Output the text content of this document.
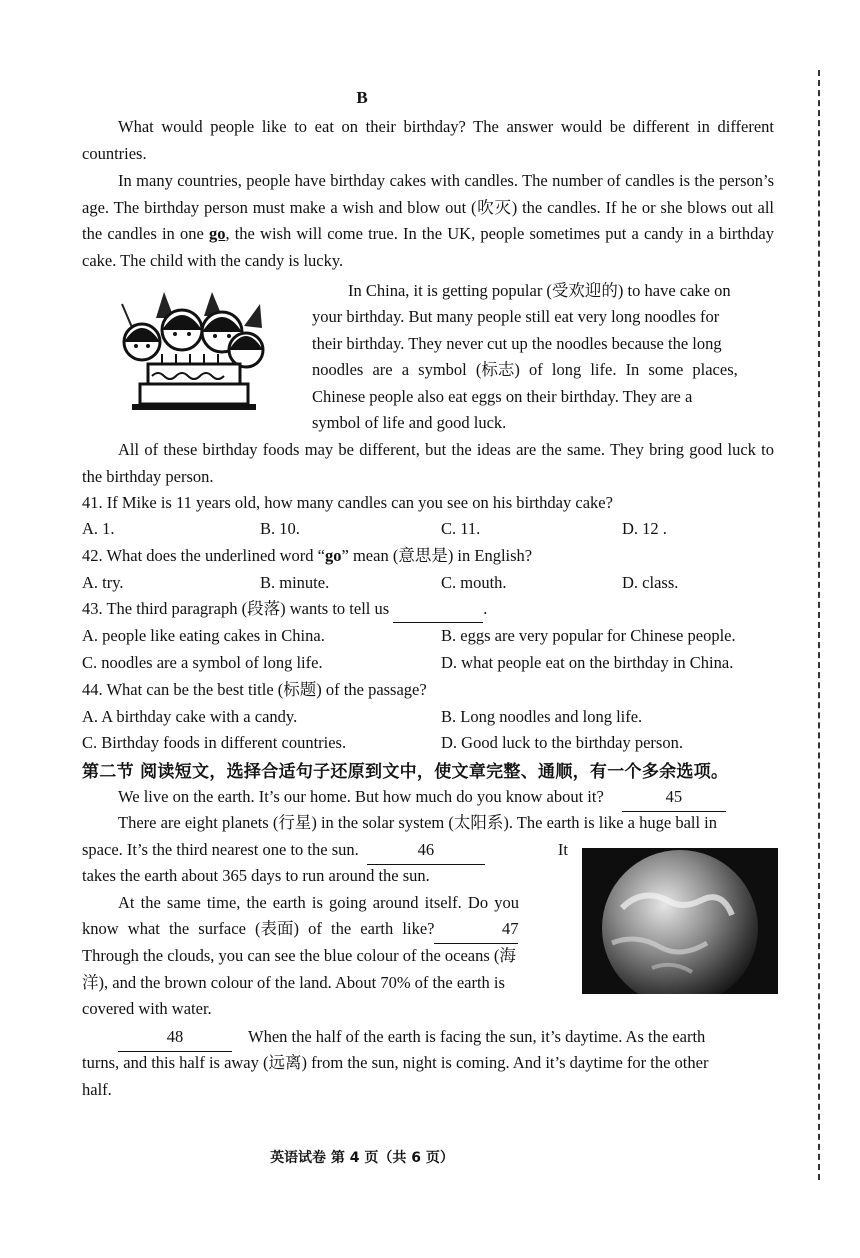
B

What would people like to eat on their birthday? The answer would be different in different countries.

In many countries, people have birthday cakes with candles. The number of candles is the person’s age. The birthday person must make a wish and blow out (吹灭) the candles. If he or she blows out all the candles in one go, the wish will come true. In the UK, people sometimes put a candy in a birthday cake. The child with the candy is lucky.

In China, it is getting popular (受欢迎的) to have cake on
your birthday. But many people still eat very long noodles for
their birthday. They never cut up the noodles because the long
noodles are a symbol (标志) of long life. In some places,
Chinese people also eat eggs on their birthday. They are a
symbol of life and good luck.

All of these birthday foods may be different, but the ideas are the same. They bring good luck to the birthday person.

41. If Mike is 11 years old, how many candles can you see on his birthday cake?
A. 1.	B. 10.	C. 11.	D. 12 .
42. What does the underlined word “go” mean (意思是) in English?
A. try.	B. minute.	C. mouth.	D. class.
43. The third paragraph (段落) wants to tell us	.
A. people like eating cakes in China.	B. eggs are very popular for Chinese people.
C. noodles are a symbol of long life.	D. what people eat on the birthday in China.
44. What can be the best title (标题) of the passage?
A. A birthday cake with a candy.	B. Long noodles and long life.
C. Birthday foods in different countries.	D. Good luck to the birthday person.
第二节 阅读短文，选择合适句子还原到文中，使文章完整、通顺，有一个多余选项。
We live on the earth. It’s our home. But how much do you know about it?	45
There are eight planets (行星) in the solar system (太阳系). The earth is like a huge ball in
space. It’s the third nearest one to the sun.	46	It
takes the earth about 365 days to run around the sun.
At the same time, the earth is going around itself. Do you
know what the surface (表面) of the earth like?	47
Through the clouds, you can see the blue colour of the oceans (海
洋), and the brown colour of the land. About 70% of the earth is
covered with water.
48	When the half of the earth is facing the sun, it’s daytime. As the earth
turns, and this half is away (远离) from the sun, night is coming. And it’s daytime for the other
half.
英语试卷 第 4 页（共 6 页）
